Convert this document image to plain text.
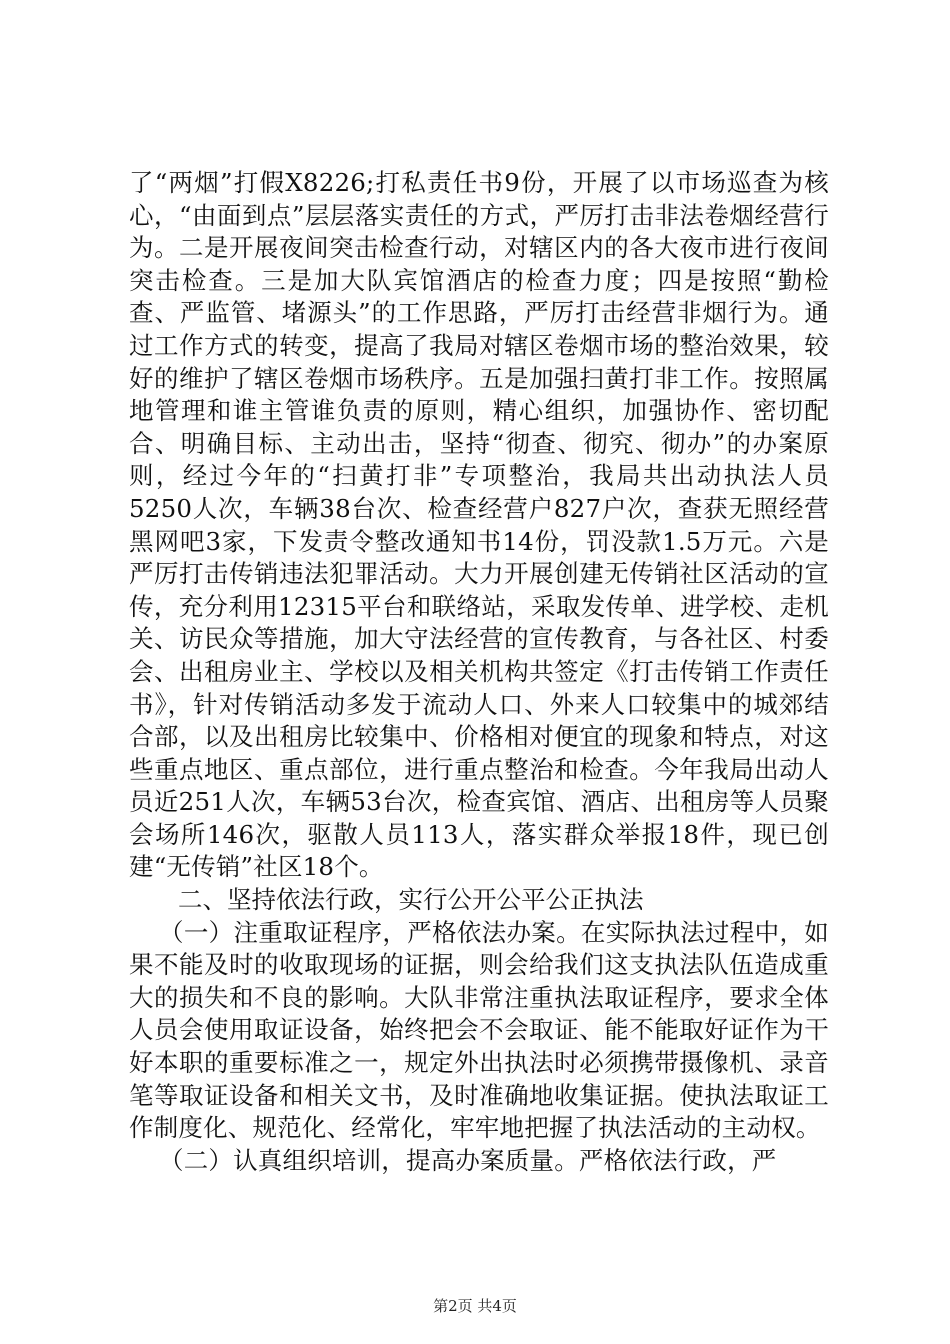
了“两烟”打假X8226;打私责任书9份，开展了以市场巡查为核心，“由面到点”层层落实责任的方式，严厉打击非法卷烟经营行为。二是开展夜间突击检查行动，对辖区内的各大夜市进行夜间突击检查。三是加大队宾馆酒店的检查力度；四是按照“勤检查、严监管、堵源头”的工作思路，严厉打击经营非烟行为。通过工作方式的转变，提高了我局对辖区卷烟市场的整治效果，较好的维护了辖区卷烟市场秩序。五是加强扫黄打非工作。按照属地管理和谁主管谁负责的原则，精心组织，加强协作、密切配合、明确目标、主动出击，坚持“彻查、彻究、彻办”的办案原则，经过今年的“扫黄打非”专项整治，我局共出动执法人员5250人次，车辆38台次、检查经营户827户次，查获无照经营黑网吧3家，下发责令整改通知书14份，罚没款1.5万元。六是严厉打击传销违法犯罪活动。大力开展创建无传销社区活动的宣传，充分利用12315平台和联络站，采取发传单、进学校、走机关、访民众等措施，加大守法经营的宣传教育，与各社区、村委会、出租房业主、学校以及相关机构共签定《打击传销工作责任书》，针对传销活动多发于流动人口、外来人口较集中的城郊结合部，以及出租房比较集中、价格相对便宜的现象和特点，对这些重点地区、重点部位，进行重点整治和检查。今年我局出动人员近251人次，车辆53台次，检查宾馆、酒店、出租房等人员聚会场所146次，驱散人员113人，落实群众举报18件，现已创建“无传销”社区18个。

二、坚持依法行政，实行公开公平公正执法

（一）注重取证程序，严格依法办案。在实际执法过程中，如果不能及时的收取现场的证据，则会给我们这支执法队伍造成重大的损失和不良的影响。大队非常注重执法取证程序，要求全体人员会使用取证设备，始终把会不会取证、能不能取好证作为干好本职的重要标准之一，规定外出执法时必须携带摄像机、录音笔等取证设备和相关文书，及时准确地收集证据。使执法取证工作制度化、规范化、经常化，牢牢地把握了执法活动的主动权。

（二）认真组织培训，提高办案质量。严格依法行政，严

第2页 共4页
